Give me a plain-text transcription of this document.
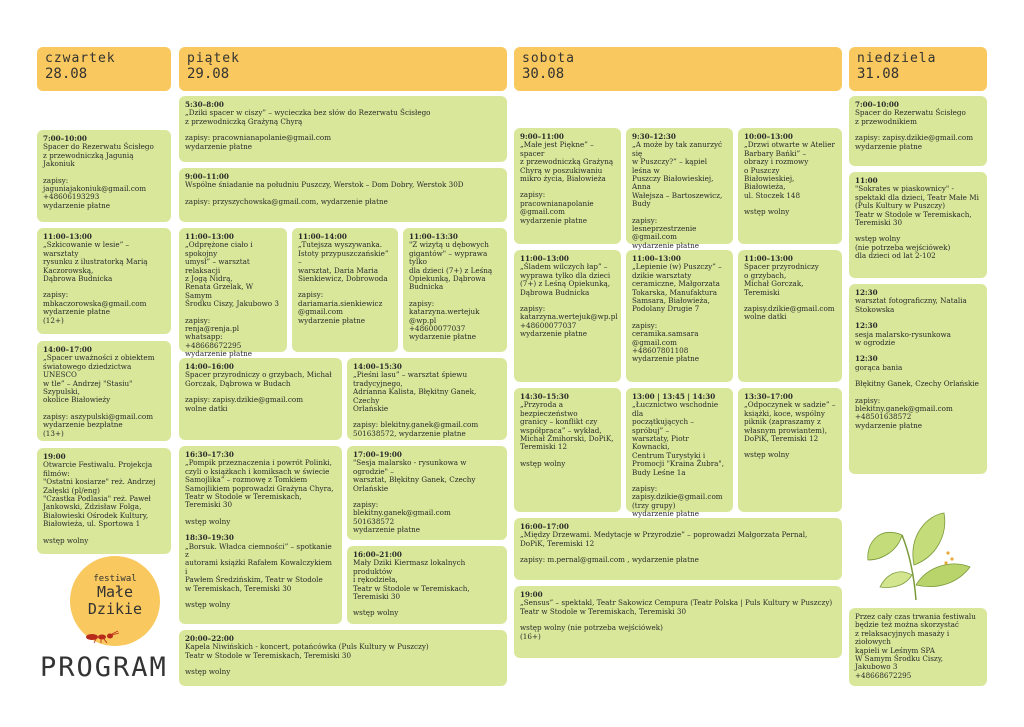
czwartek
28.08
piątek
29.08
sobota
30.08
niedziela
31.08

7:00–10:00

Spacer do Rezerwatu Ścisłego
z przewodniczką Jagunią Jakoniuk

zapisy:
jaguniajakoniuk@gmail.com
+48606193293
wydarzenie płatne

11:00–13:00

„Szkicowanie w lesie” – warsztaty
rysunku z ilustratorką Marią
Kaczorowską,
Dąbrowa Budnicka

zapisy:
mbkaczorowska@gmail.com
wydarzenie płatne
(12+)

14:00–17:00

„Spacer uważności z obiektem
światowego dziedzictwa UNESCO
w tle” – Andrzej "Stasiu" Szypulski,
okolice Białowieży

zapisy: aszypulski@gmail.com
wydarzenie bezpłatne
(13+)

19:00

Otwarcie Festiwalu. Projekcja filmów:
"Ostatni kosiarze" reż. Andrzej
Załęski (pl/eng)
"Czastka Podlasia" reż. Paweł
Jankowski, Zdzisław Folga,
Białowieski Ośrodek Kultury,
Białowieża, ul. Sportowa 1

wstęp wolny

5:30–8:00

„Dziki spacer w ciszy” – wycieczka bez słów do Rezerwatu Ścisłego
z przewodniczką Grażyną Chyrą

zapisy: pracownianapolanie@gmail.com
wydarzenie płatne

9:00–11:00

Wspólne śniadanie na południu Puszczy, Werstok – Dom Dobry, Werstok 30D

zapisy: przyszychowska@gmail.com, wydarzenie płatne

11:00–13:00

„Odprężone ciało i spokojny
umysł” – warsztat relaksacji
z Jogą Nidrą,
Renata Grzelak, W Samym
Środku Ciszy, Jakubowo 3

zapisy:
renja@renja.pl
whatsapp: +48668672295
wydarzenie płatne

11:00–14:00

„Tutejsza wyszywanka.
Istoty przypuszczańskie” –
warsztat, Daria Maria
Sienkiewicz, Dobrowoda

zapisy:
dariamaria.sienkiewicz
@gmail.com
wydarzenie płatne

11:00–13:30

"Z wizytą u dębowych
gigantów" – wyprawa tylko
dla dzieci (7+) z Leśną
Opiekunką, Dąbrowa
Budnicka

zapisy:
katarzyna.wertejuk
@wp.pl
+48600077037
wydarzenie płatne

14:00–16:00

Spacer przyrodniczy o grzybach, Michał
Gorczak, Dąbrowa w Budach

zapisy: zapisy.dzikie@gmail.com
wolne datki

14:00–15:30

„Pieśni lasu” – warsztat śpiewu tradycyjnego,
Adrianna Kalista, Błękitny Ganek, Czechy
Orlańskie

zapisy: blekitny.ganek@gmail.com
501638572, wydarzenie płatne

16:30–17:30

„Pompik przeznaczenia i powrót Polinki,
czyli o książkach i komiksach w świecie
Samojlika” – rozmowę z Tomkiem
Samojlikiem poprowadzi Grażyna Chyra,
Teatr w Stodole w Teremiskach,
Teremiski 30

wstęp wolny

18:30–19:30

„Borsuk. Władca ciemności” – spotkanie z
autorami książki Rafałem Kowalczykiem i
Pawłem Średzińskim, Teatr w Stodole
w Teremiskach, Teremiski 30

wstęp wolny

17:00–19:00

"Sesja malarsko - rysunkowa w ogrodzie" –
warsztat, Błękitny Ganek, Czechy Orlańskie

zapisy:
blekitny.ganek@gmail.com
501638572
wydarzenie płatne

16:00–21:00

Mały Dziki Kiermasz lokalnych produktów
i rękodzieła,
Teatr w Stodole w Teremiskach,
Teremiski 30

wstęp wolny

20:00–22:00

Kapela Niwińskich - koncert, potańcówka (Puls Kultury w Puszczy)
Teatr w Stodole w Teremiskach, Teremiski 30

wstęp wolny

9:00–11:00

„Małe jest Piękne” – spacer
z przewodniczką Grażyną
Chyrą w poszukiwaniu
mikro życia, Białowieża

zapisy:
pracownianapolanie
@gmail.com
wydarzenie płatne

9:30–12:30

„A może by tak zanurzyć się
w Puszczy?” – kąpiel leśna w
Puszczy Białowieskiej, Anna
Wałejsza – Bartoszewicz,
Budy

zapisy:
lesneprzestrzenie
@gmail.com
wydarzenie płatne

10:00–13:00

„Drzwi otwarte w Atelier
Barbary Bańki” –
obrazy i rozmowy
o Puszczy
Białowieskiej, Białowieża,
ul. Stoczek 148

wstęp wolny

11:00–13:00

„Śladem wilczych łap” –
wyprawa tylko dla dzieci
(7+) z Leśną Opiekunką,
Dąbrowa Budnicka

zapisy:
katarzyna.wertejuk@wp.pl
+48600077037
wydarzenie płatne

11:00–13:00

„Lepienie (w) Puszczy” –
dzikie warsztaty
ceramiczne, Małgorzata
Tokarska, Manufaktura
Samsara, Białowieża,
Podolany Drugie 7

zapisy:
ceramika.samsara
@gmail.com
+48607801108
wydarzenie płatne

11:00–13:00

Spacer przyrodniczy
o grzybach,
Michał Gorczak, Teremiski

zapisy.dzikie@gmail.com
wolne datki

14:30–15:30

„Przyroda a bezpieczeństwo
granicy – konflikt czy
współpraca” – wykład,
Michał Żmihorski, DoPiK,
Teremiski 12

wstęp wolny

13:00 | 13:45 | 14:30

„Łucznictwo wschodnie dla
początkujących – spróbuj” –
warsztaty, Piotr Kownacki,
Centrum Turystyki i
Promocji "Kraina Żubra",
Budy Leśne 1a

zapisy: zapisy.dzikie@gmail.com
(trzy grupy)
wydarzenie płatne

13:30–17:00

„Odpoczynek w sadzie” –
książki, koce, wspólny
piknik (zapraszamy z
własnym prowiantem),
DoPiK, Teremiski 12

wstęp wolny

16:00–17:00

„Między Drzewami. Medytacje w Przyrodzie” – poprowadzi Małgorzata Pernal,
DoPiK, Teremiski 12

zapisy: m.pernal@gmail.com , wydarzenie płatne

19:00

„Sensus” – spektakl, Teatr Sakowicz Cempura (Teatr Polska | Puls Kultury w Puszczy)
Teatr w Stodole w Teremiskach, Teremiski 30

wstęp wolny (nie potrzeba wejściówek)
(16+)

7:00–10:00

Spacer do Rezerwatu Ścisłego
z przewodnikiem

zapisy: zapisy.dzikie@gmail.com
wydarzenie płatne

11:00

"Sokrates w piaskownicy" -
spektakl dla dzieci, Teatr Małe Mi
(Puls Kultury w Puszczy)
Teatr w Stodole w Teremiskach,
Teremiski 30

wstęp wolny
(nie potrzeba wejściówek)
dla dzieci od lat 2-102

12:30

warsztat fotograficzny, Natalia
Stokowska

12:30

sesja malarsko-rysunkowa
w ogrodzie

12:30

gorąca bania

Błękitny Ganek, Czechy Orlańskie

zapisy:
blekitny.ganek@gmail.com
+48501638572
wydarzenie płatne

Przez cały czas trwania festiwalu
będzie też można skorzystać
z relaksacyjnych masaży i ziołowych
kąpieli w Leśnym SPA
W Samym Środku Ciszy,
Jakubowo 3
+48668672295

festiwal
Małe
Dzikie
PROGRAM
